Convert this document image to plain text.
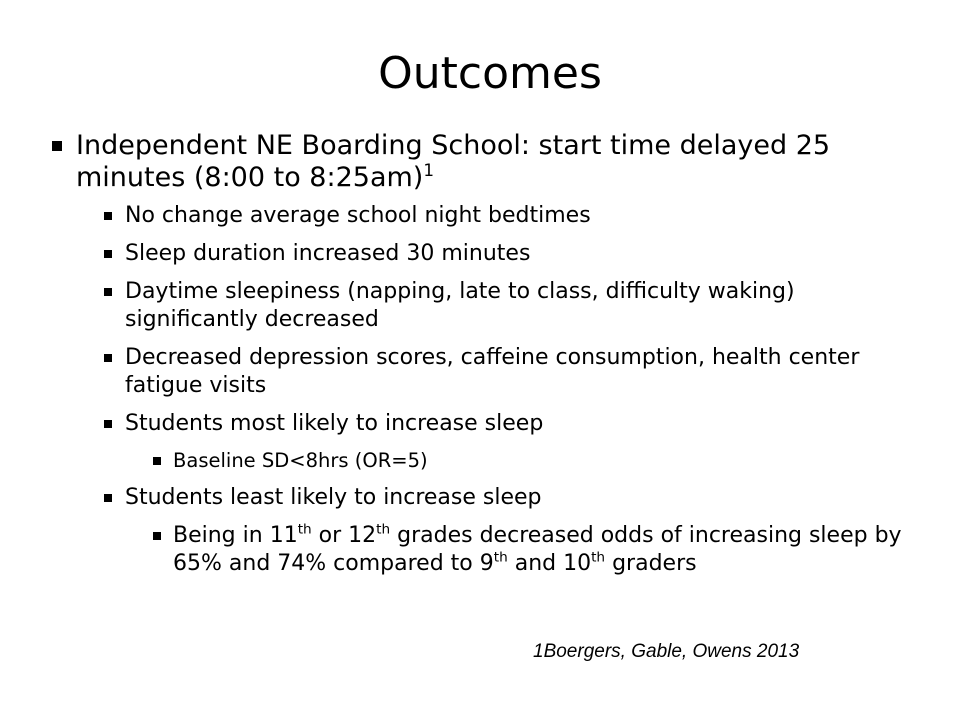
Outcomes
Independent NE Boarding School: start time delayed 25 minutes (8:00 to 8:25am)$^1$
No change average school night bedtimes
Sleep duration increased 30 minutes
Daytime sleepiness (napping, late to class, difficulty waking) significantly decreased
Decreased depression scores, caffeine consumption, health center fatigue visits
Students most likely to increase sleep
Baseline SD<8hrs (OR=5)
Students least likely to increase sleep
Being in 11th or 12th grades decreased odds of increasing sleep by 65% and 74% compared to 9th and 10th graders
1Boergers, Gable, Owens 2013
